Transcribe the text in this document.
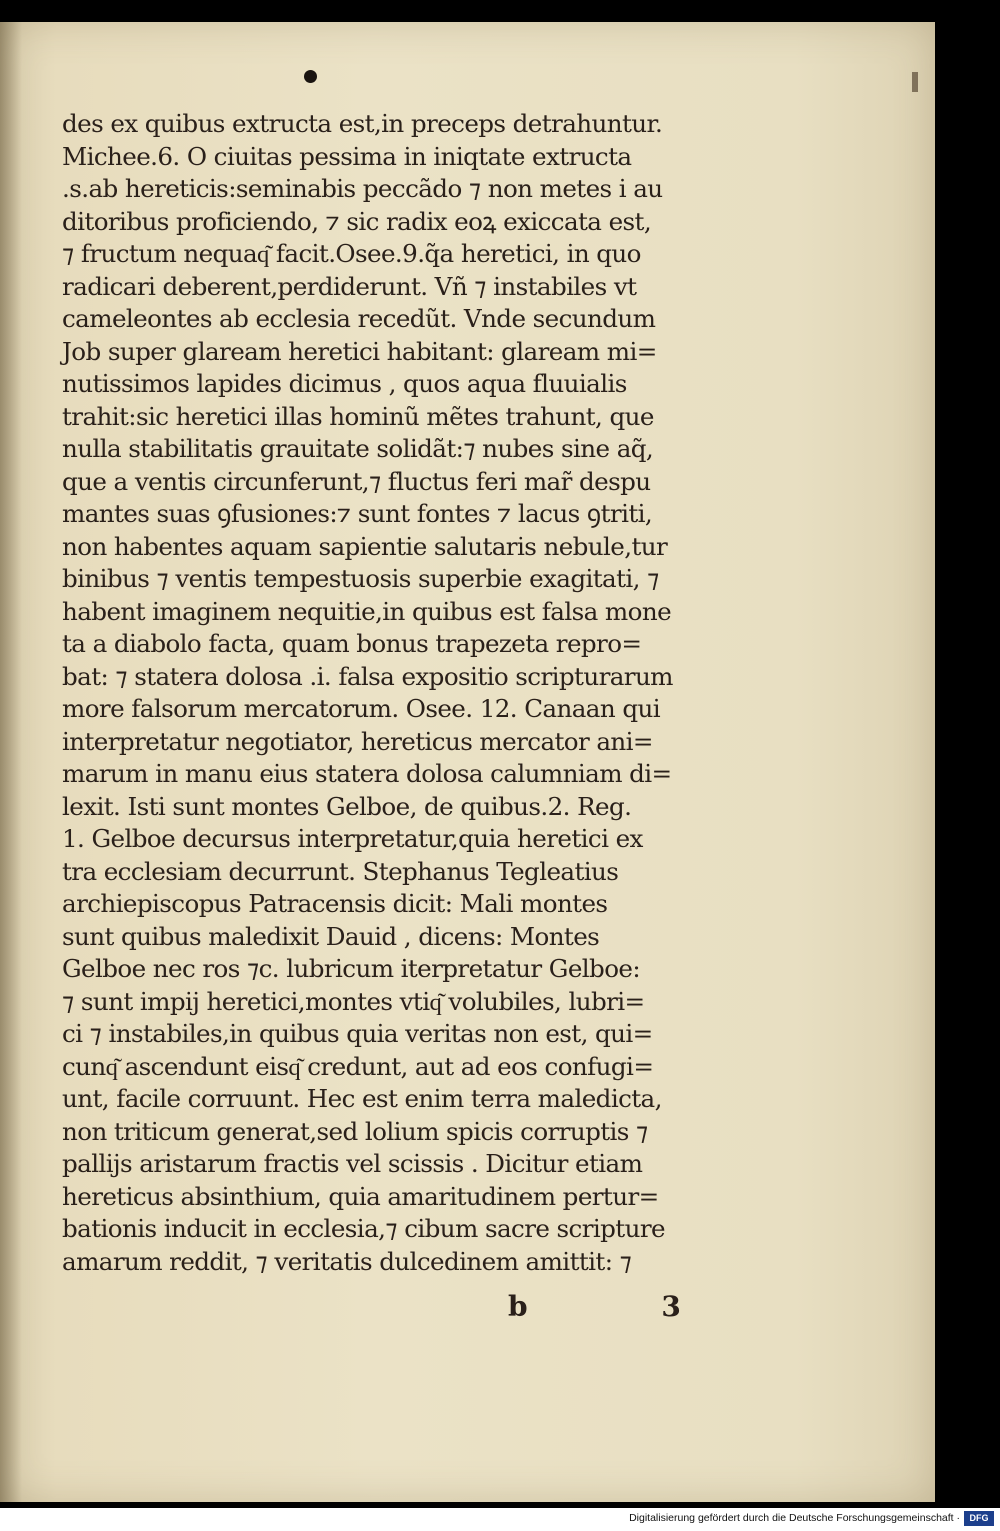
des ex quibus extructa est,in preceps detrahuntur.
Michee.6. O ciuitas pessima in iniqtate extructa
.s.ab hereticis:seminabis peccãdo ⁊ non metes i au
ditoribus proficiendo, ⁊ sic radix eoꝝ exiccata est,
⁊ fructum nequaq͂ facit.Osee.9.q̃a heretici, in quo
radicari deberent,perdiderunt. Vñ ⁊ instabiles vt
cameleontes ab ecclesia recedũt. Vnde secundum
Job super glaream heretici habitant: glaream mi=
nutissimos lapides dicimus , quos aqua fluuialis
trahit:sic heretici illas hominũ mẽtes trahunt, que
nulla stabilitatis grauitate solidãt:⁊ nubes sine aq̃,
que a ventis circunferunt,⁊ fluctus feri mar̃ despu
mantes suas ꝯfusiones:⁊ sunt fontes ⁊ lacus ꝯtriti,
non habentes aquam sapientie salutaris nebule,tur
binibus ⁊ ventis tempestuosis superbie exagitati, ⁊
habent imaginem nequitie,in quibus est falsa mone
ta a diabolo facta, quam bonus trapezeta repro=
bat: ⁊ statera dolosa .i. falsa expositio scripturarum
more falsorum mercatorum. Osee. 12. Canaan qui
interpretatur negotiator, hereticus mercator ani=
marum in manu eius statera dolosa calumniam di=
lexit. Isti sunt montes Gelboe, de quibus.2. Reg.
1. Gelboe decursus interpretatur,quia heretici ex
tra ecclesiam decurrunt. Stephanus Tegleatius
archiepiscopus Patracensis dicit: Mali montes
sunt quibus maledixit Dauid , dicens: Montes
Gelboe nec ros ⁊c. lubricum iterpretatur Gelboe:
⁊ sunt impij heretici,montes vtiq͂ volubiles, lubri=
ci ⁊ instabiles,in quibus quia veritas non est, qui=
cunq͂ ascendunt eisq͂ credunt, aut ad eos confugi=
unt, facile corruunt. Hec est enim terra maledicta,
non triticum generat,sed lolium spicis corruptis ⁊
pallijs aristarum fractis vel scissis . Dicitur etiam
hereticus absinthium, quia amaritudinem pertur=
bationis inducit in ecclesia,⁊ cibum sacre scripture
amarum reddit, ⁊ veritatis dulcedinem amittit: ⁊
b 3
Digitalisierung gefördert durch die Deutsche Forschungsgemeinschaft ·	DFG
